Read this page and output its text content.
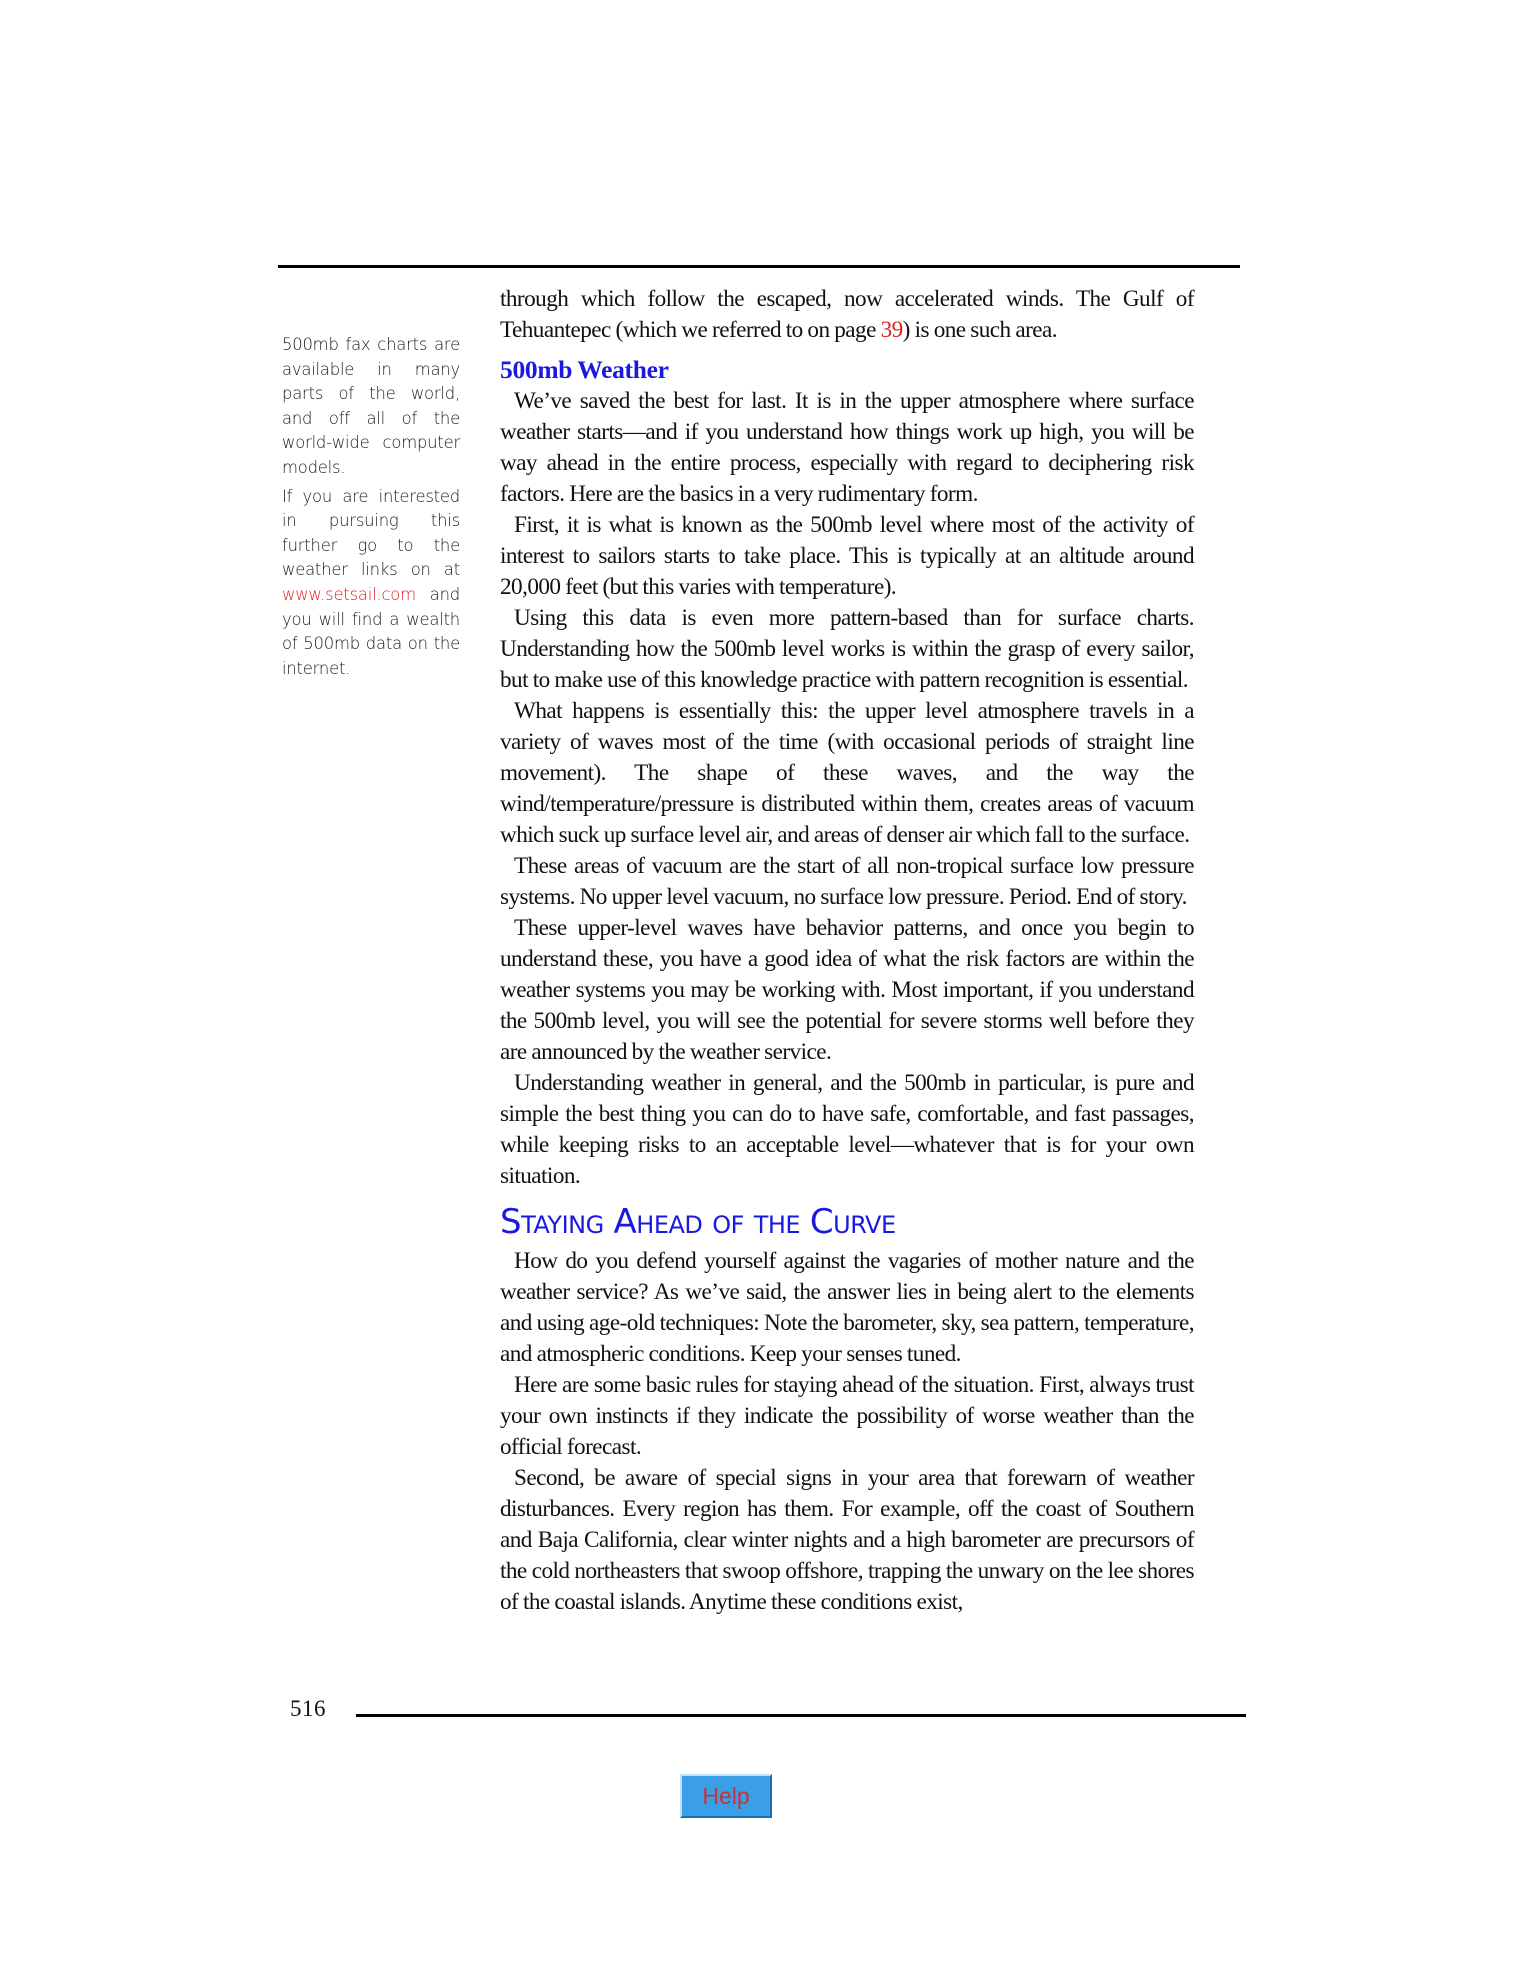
500mb fax charts are available in many parts of the world, and off all of the world-wide computer models.

If you are interested in pursuing this further go to the weather links on at www.setsail.com and you will find a wealth of 500mb data on the internet.

through which follow the escaped, now accelerated winds. The Gulf of Tehuantepec (which we referred to on page 39) is one such area.

500mb Weather

We’ve saved the best for last. It is in the upper atmosphere where surface weather starts—and if you understand how things work up high, you will be way ahead in the entire process, especially with regard to deciphering risk factors. Here are the basics in a very rudimentary form.

First, it is what is known as the 500mb level where most of the activity of interest to sailors starts to take place. This is typically at an altitude around 20,000 feet (but this varies with temperature).

Using this data is even more pattern-based than for surface charts. Understanding how the 500mb level works is within the grasp of every sailor, but to make use of this knowledge practice with pattern recognition is essential.

What happens is essentially this: the upper level atmosphere travels in a variety of waves most of the time (with occasional periods of straight line movement). The shape of these waves, and the way the wind/temperature/pressure is distributed within them, creates areas of vacuum which suck up surface level air, and areas of denser air which fall to the surface.

These areas of vacuum are the start of all non-tropical surface low pressure systems. No upper level vacuum, no surface low pressure. Period. End of story.

These upper-level waves have behavior patterns, and once you begin to understand these, you have a good idea of what the risk factors are within the weather systems you may be working with. Most important, if you understand the 500mb level, you will see the potential for severe storms well before they are announced by the weather service.

Understanding weather in general, and the 500mb in particular, is pure and simple the best thing you can do to have safe, comfortable, and fast passages, while keeping risks to an acceptable level—whatever that is for your own situation.

Staying Ahead of the Curve

How do you defend yourself against the vagaries of mother nature and the weather service? As we’ve said, the answer lies in being alert to the elements and using age-old techniques: Note the barometer, sky, sea pattern, temperature, and atmospheric conditions. Keep your senses tuned.

Here are some basic rules for staying ahead of the situation. First, always trust your own instincts if they indicate the possibility of worse weather than the official forecast.

Second, be aware of special signs in your area that forewarn of weather disturbances. Every region has them. For example, off the coast of Southern and Baja California, clear winter nights and a high barometer are precursors of the cold northeasters that swoop offshore, trapping the unwary on the lee shores of the coastal islands. Anytime these conditions exist,

516
Help
